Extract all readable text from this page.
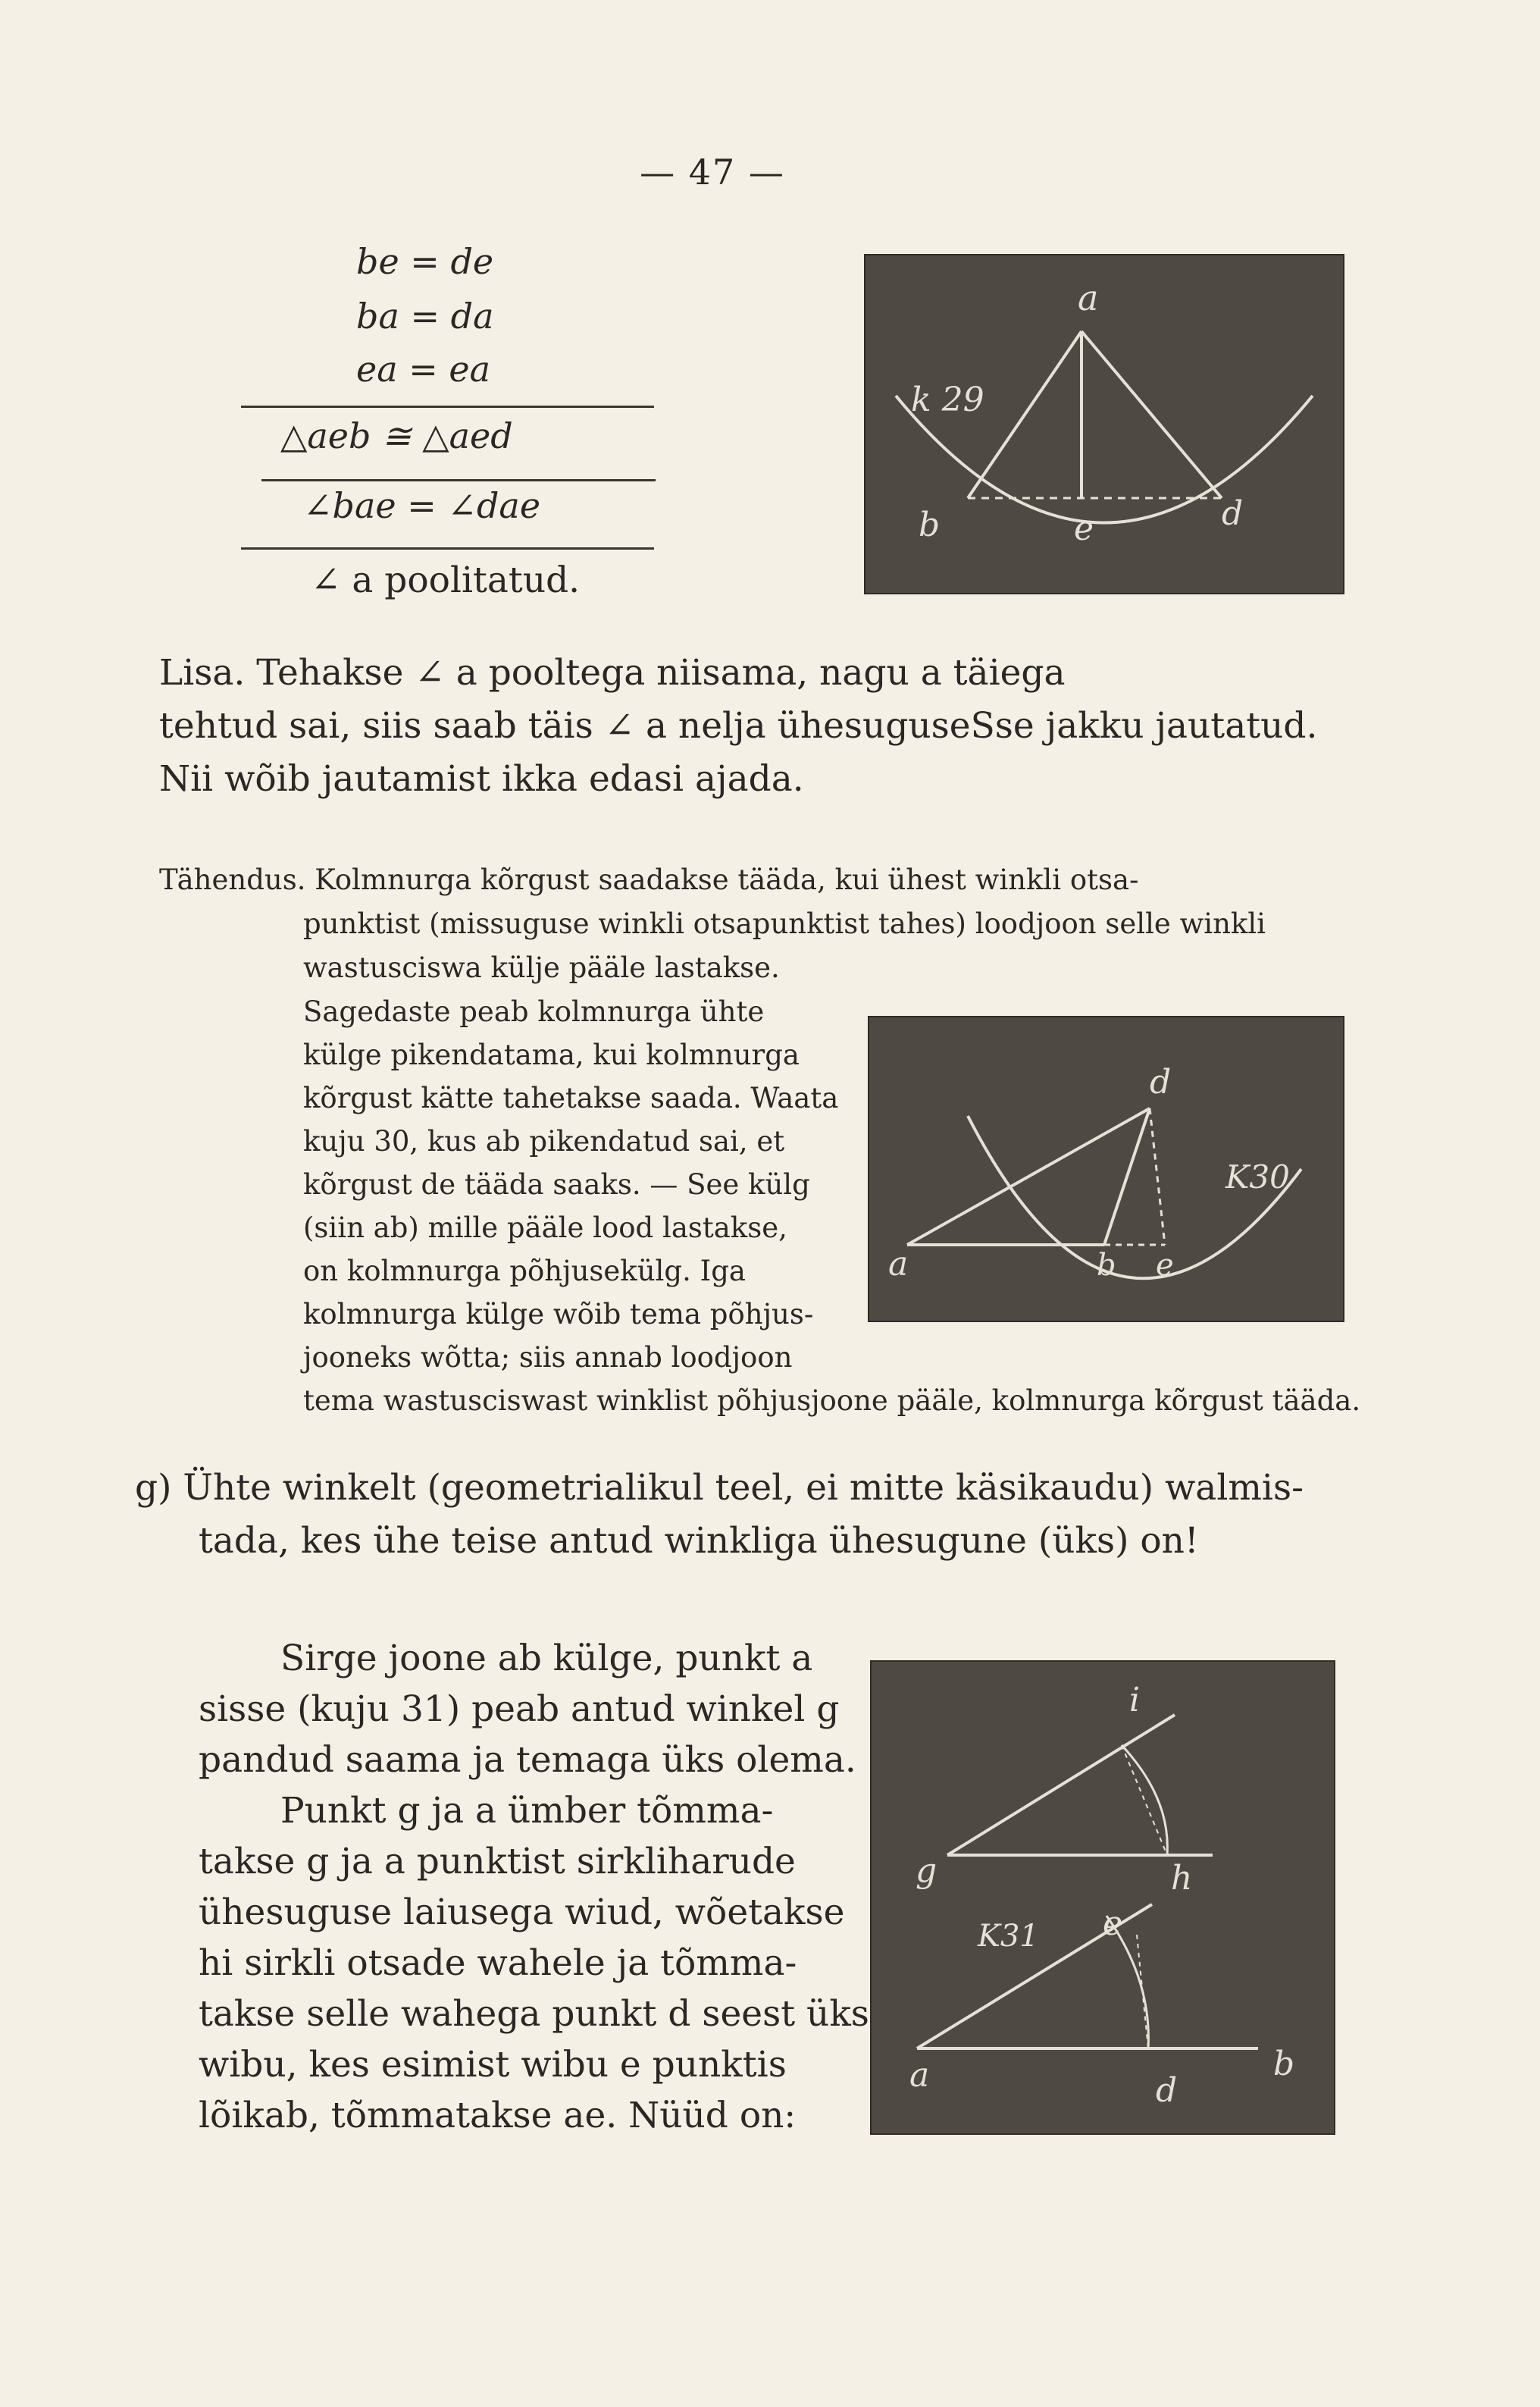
— 47 —
be = de
ba = da
ea = ea
△aeb ≅ △aed
∠bae = ∠dae
∠ a poolitatud.
a
k 29
b	e	d
Lisa. Tehakse ∠ a pooltega niisama, nagu a täiega
tehtud sai, siis saab täis ∠ a nelja ühesuguseSse jakku jautatud.
Nii wõib jautamist ikka edasi ajada.
Tähendus. Kolmnurga kõrgust saadakse tääda, kui ühest winkli otsa-
punktist (missuguse winkli otsapunktist tahes) loodjoon selle winkli
wastusciswa külje pääle lastakse.
Sagedaste peab kolmnurga ühte
külge pikendatama, kui kolmnurga
kõrgust kätte tahetakse saada. Waata
kuju 30, kus ab pikendatud sai, et
kõrgust de tääda saaks. — See külg
(siin ab) mille pääle lood lastakse,
on kolmnurga põhjusekülg. Iga
kolmnurga külge wõib tema põhjus-
jooneks wõtta; siis annab loodjoon
tema wastusciswast winklist põhjusjoone pääle, kolmnurga kõrgust tääda.
d
K30
a	b e
g) Ühte winkelt (geometrialikul teel, ei mitte käsikaudu) walmis-
tada, kes ühe teise antud winkliga ühesugune (üks) on!
Sirge joone ab külge, punkt a
sisse (kuju 31) peab antud winkel g
pandud saama ja temaga üks olema.
Punkt g ja a ümber tõmma-
takse g ja a punktist sirkliharude
ühesuguse laiusega wiud, wõetakse
hi sirkli otsade wahele ja tõmma-
takse selle wahega punkt d seest üks
wibu, kes esimist wibu e punktis
lõikab, tõmmatakse ae. Nüüd on:
i
g	h
K31 e
a	d
b
